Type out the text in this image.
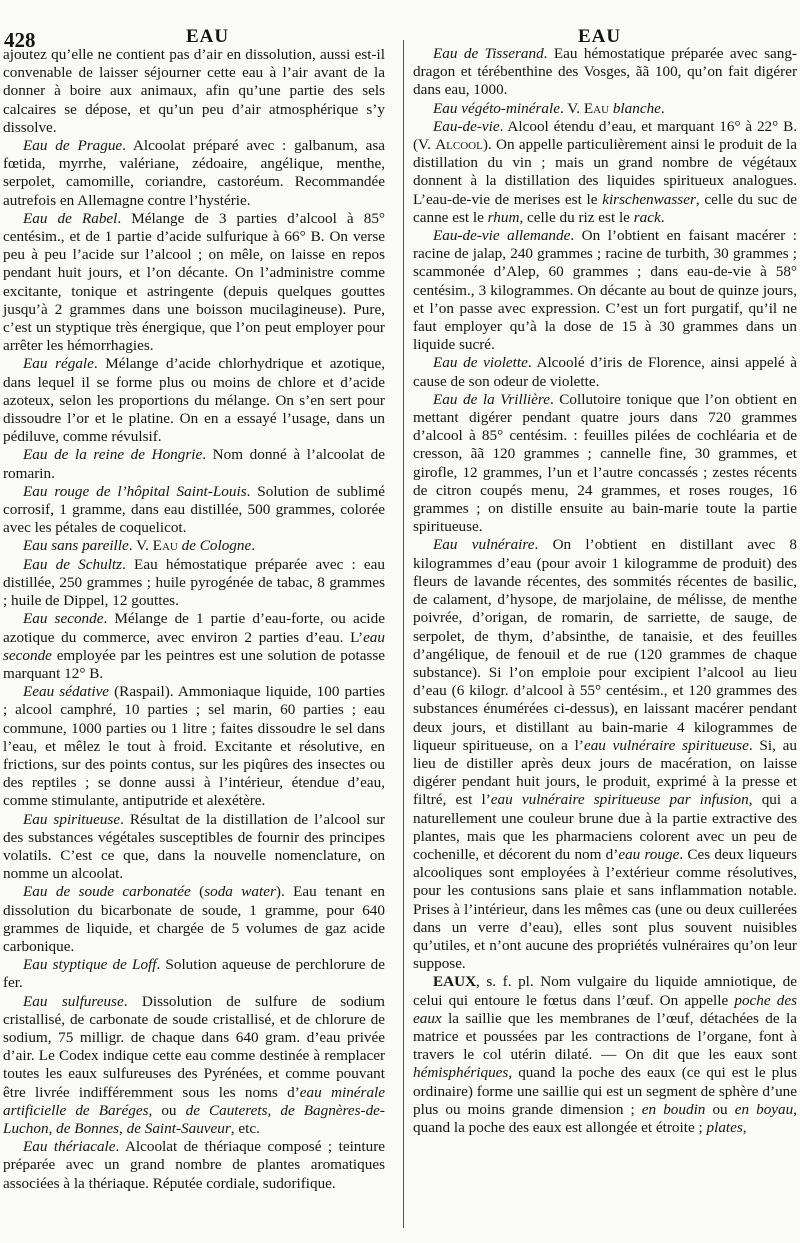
428	EAU	EAU

ajoutez qu’elle ne contient pas d’air en dissolution, aussi est-il convenable de laisser séjourner cette eau à l’air avant de la donner à boire aux animaux, afin qu’une partie des sels calcaires se dépose, et qu’un peu d’air atmosphérique s’y dissolve.

Eau de Prague. Alcoolat préparé avec : galbanum, asa fœtida, myrrhe, valériane, zédoaire, angélique, menthe, serpolet, camomille, coriandre, castoréum. Recommandée autrefois en Allemagne contre l’hystérie.

Eau de Rabel. Mélange de 3 parties d’alcool à 85° centésim., et de 1 partie d’acide sulfurique à 66° B. On verse peu à peu l’acide sur l’alcool ; on mêle, on laisse en repos pendant huit jours, et l’on décante. On l’administre comme excitante, tonique et astringente (depuis quelques gouttes jusqu’à 2 grammes dans une boisson mucilagineuse). Pure, c’est un styptique très énergique, que l’on peut employer pour arrêter les hémorrhagies.

Eau régale. Mélange d’acide chlorhydrique et azotique, dans lequel il se forme plus ou moins de chlore et d’acide azoteux, selon les proportions du mélange. On s’en sert pour dissoudre l’or et le platine. On en a essayé l’usage, dans un pédiluve, comme révulsif.

Eau de la reine de Hongrie. Nom donné à l’alcoolat de romarin.

Eau rouge de l’hôpital Saint-Louis. Solution de sublimé corrosif, 1 gramme, dans eau distillée, 500 grammes, colorée avec les pétales de coquelicot.

Eau sans pareille. V. Eau de Cologne.

Eau de Schultz. Eau hémostatique préparée avec : eau distillée, 250 grammes ; huile pyrogénée de tabac, 8 grammes ; huile de Dippel, 12 gouttes.

Eau seconde. Mélange de 1 partie d’eau-forte, ou acide azotique du commerce, avec environ 2 parties d’eau. L’eau seconde employée par les peintres est une solution de potasse marquant 12° B.

Eeau sédative (Raspail). Ammoniaque liquide, 100 parties ; alcool camphré, 10 parties ; sel marin, 60 parties ; eau commune, 1000 parties ou 1 litre ; faites dissoudre le sel dans l’eau, et mêlez le tout à froid. Excitante et résolutive, en frictions, sur des points contus, sur les piqûres des insectes ou des reptiles ; se donne aussi à l’intérieur, étendue d’eau, comme stimulante, antiputride et alexétère.

Eau spiritueuse. Résultat de la distillation de l’alcool sur des substances végétales susceptibles de fournir des principes volatils. C’est ce que, dans la nouvelle nomenclature, on nomme un alcoolat.

Eau de soude carbonatée (soda water). Eau tenant en dissolution du bicarbonate de soude, 1 gramme, pour 640 grammes de liquide, et chargée de 5 volumes de gaz acide carbonique.

Eau styptique de Loff. Solution aqueuse de perchlorure de fer.

Eau sulfureuse. Dissolution de sulfure de sodium cristallisé, de carbonate de soude cristallisé, et de chlorure de sodium, 75 milligr. de chaque dans 640 gram. d’eau privée d’air. Le Codex indique cette eau comme destinée à remplacer toutes les eaux sulfureuses des Pyrénées, et comme pouvant être livrée indifféremment sous les noms d’eau minérale artificielle de Baréges, ou de Cauterets, de Bagnères-de-Luchon, de Bonnes, de Saint-Sauveur, etc.

Eau thériacale. Alcoolat de thériaque composé ; teinture préparée avec un grand nombre de plantes aromatiques associées à la thériaque. Réputée cordiale, sudorifique.

Eau de Tisserand. Eau hémostatique préparée avec sang-dragon et térébenthine des Vosges, ãã 100, qu’on fait digérer dans eau, 1000.

Eau végéto-minérale. V. Eau blanche.

Eau-de-vie. Alcool étendu d’eau, et marquant 16° à 22° B. (V. Alcool). On appelle particulièrement ainsi le produit de la distillation du vin ; mais un grand nombre de végétaux donnent à la distillation des liquides spiritueux analogues. L’eau-de-vie de merises est le kirschenwasser, celle du suc de canne est le rhum, celle du riz est le rack.

Eau-de-vie allemande. On l’obtient en faisant macérer : racine de jalap, 240 grammes ; racine de turbith, 30 grammes ; scammonée d’Alep, 60 grammes ; dans eau-de-vie à 58° centésim., 3 kilogrammes. On décante au bout de quinze jours, et l’on passe avec expression. C’est un fort purgatif, qu’il ne faut employer qu’à la dose de 15 à 30 grammes dans un liquide sucré.

Eau de violette. Alcoolé d’iris de Florence, ainsi appelé à cause de son odeur de violette.

Eau de la Vrillière. Collutoire tonique que l’on obtient en mettant digérer pendant quatre jours dans 720 grammes d’alcool à 85° centésim. : feuilles pilées de cochléaria et de cresson, ãã 120 grammes ; cannelle fine, 30 grammes, et girofle, 12 grammes, l’un et l’autre concassés ; zestes récents de citron coupés menu, 24 grammes, et roses rouges, 16 grammes ; on distille ensuite au bain-marie toute la partie spiritueuse.

Eau vulnéraire. On l’obtient en distillant avec 8 kilogrammes d’eau (pour avoir 1 kilogramme de produit) des fleurs de lavande récentes, des sommités récentes de basilic, de calament, d’hysope, de marjolaine, de mélisse, de menthe poivrée, d’origan, de romarin, de sarriette, de sauge, de serpolet, de thym, d’absinthe, de tanaisie, et des feuilles d’angélique, de fenouil et de rue (120 grammes de chaque substance). Si l’on emploie pour excipient l’alcool au lieu d’eau (6 kilogr. d’alcool à 55° centésim., et 120 grammes des substances énumérées ci-dessus), en laissant macérer pendant deux jours, et distillant au bain-marie 4 kilogrammes de liqueur spiritueuse, on a l’eau vulnéraire spiritueuse. Si, au lieu de distiller après deux jours de macération, on laisse digérer pendant huit jours, le produit, exprimé à la presse et filtré, est l’eau vulnéraire spiritueuse par infusion, qui a naturellement une couleur brune due à la partie extractive des plantes, mais que les pharmaciens colorent avec un peu de cochenille, et décorent du nom d’eau rouge. Ces deux liqueurs alcooliques sont employées à l’extérieur comme résolutives, pour les contusions sans plaie et sans inflammation notable. Prises à l’intérieur, dans les mêmes cas (une ou deux cuillerées dans un verre d’eau), elles sont plus souvent nuisibles qu’utiles, et n’ont aucune des propriétés vulnéraires qu’on leur suppose.

EAUX, s. f. pl. Nom vulgaire du liquide amniotique, de celui qui entoure le fœtus dans l’œuf. On appelle poche des eaux la saillie que les membranes de l’œuf, détachées de la matrice et poussées par les contractions de l’organe, font à travers le col utérin dilaté. — On dit que les eaux sont hémisphériques, quand la poche des eaux (ce qui est le plus ordinaire) forme une saillie qui est un segment de sphère d’une plus ou moins grande dimension ; en boudin ou en boyau, quand la poche des eaux est allongée et étroite ; plates,
